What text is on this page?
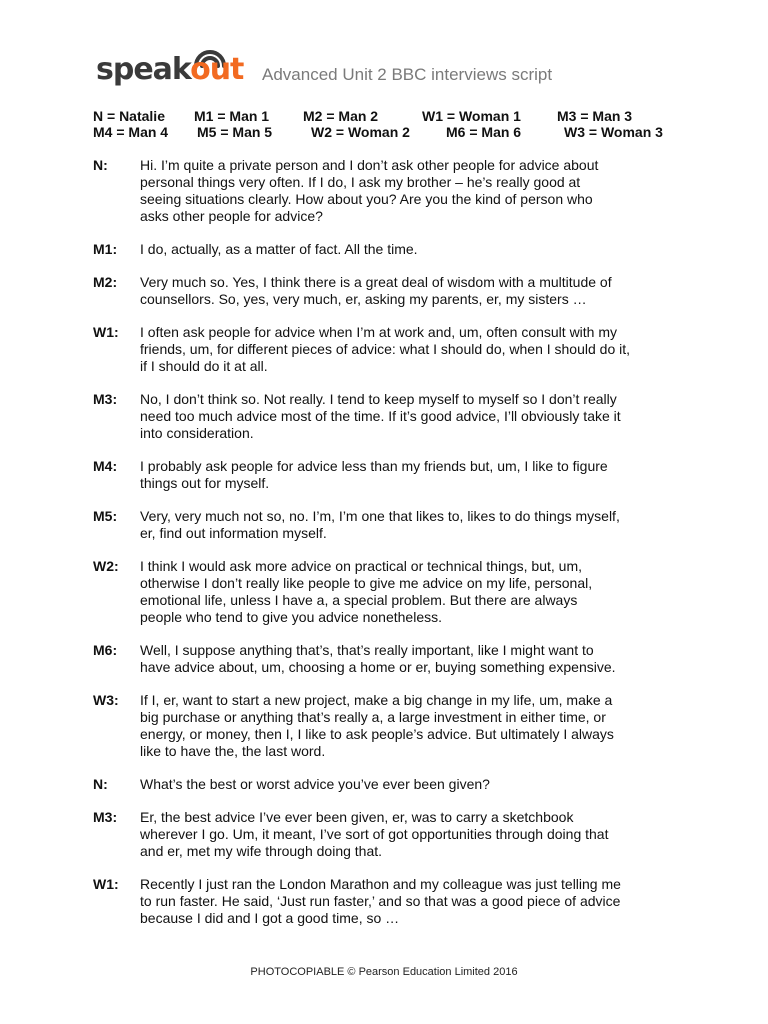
speakout Advanced Unit 2 BBC interviews script
N = Natalie M1 = Man 1 M2 = Man 2	W1 = Woman 1	M3 = Man 3
M4 = Man 4 M5 = Man 5	W2 = Woman 2	M6 = Man 6	W3 = Woman 3
N:	Hi. I’m quite a private person and I don’t ask other people for advice about
personal things very often. If I do, I ask my brother – he’s really good at
seeing situations clearly. How about you? Are you the kind of person who
asks other people for advice?
M1:	I do, actually, as a matter of fact. All the time.
M2:	Very much so. Yes, I think there is a great deal of wisdom with a multitude of
counsellors. So, yes, very much, er, asking my parents, er, my sisters …
W1:	I often ask people for advice when I’m at work and, um, often consult with my
friends, um, for different pieces of advice: what I should do, when I should do it,
if I should do it at all.
M3:	No, I don’t think so. Not really. I tend to keep myself to myself so I don’t really
need too much advice most of the time. If it’s good advice, I’ll obviously take it
into consideration.
M4:	I probably ask people for advice less than my friends but, um, I like to figure
things out for myself.
M5:	Very, very much not so, no. I’m, I’m one that likes to, likes to do things myself,
er, find out information myself.
W2:	I think I would ask more advice on practical or technical things, but, um,
otherwise I don’t really like people to give me advice on my life, personal,
emotional life, unless I have a, a special problem. But there are always
people who tend to give you advice nonetheless.
M6:	Well, I suppose anything that’s, that’s really important, like I might want to
have advice about, um, choosing a home or er, buying something expensive.
W3:	If I, er, want to start a new project, make a big change in my life, um, make a
big purchase or anything that’s really a, a large investment in either time, or
energy, or money, then I, I like to ask people’s advice. But ultimately I always
like to have the, the last word.
N:	What’s the best or worst advice you’ve ever been given?
M3:	Er, the best advice I’ve ever been given, er, was to carry a sketchbook
wherever I go. Um, it meant, I’ve sort of got opportunities through doing that
and er, met my wife through doing that.
W1:	Recently I just ran the London Marathon and my colleague was just telling me
to run faster. He said, ‘Just run faster,’ and so that was a good piece of advice
because I did and I got a good time, so …
PHOTOCOPIABLE © Pearson Education Limited 2016
